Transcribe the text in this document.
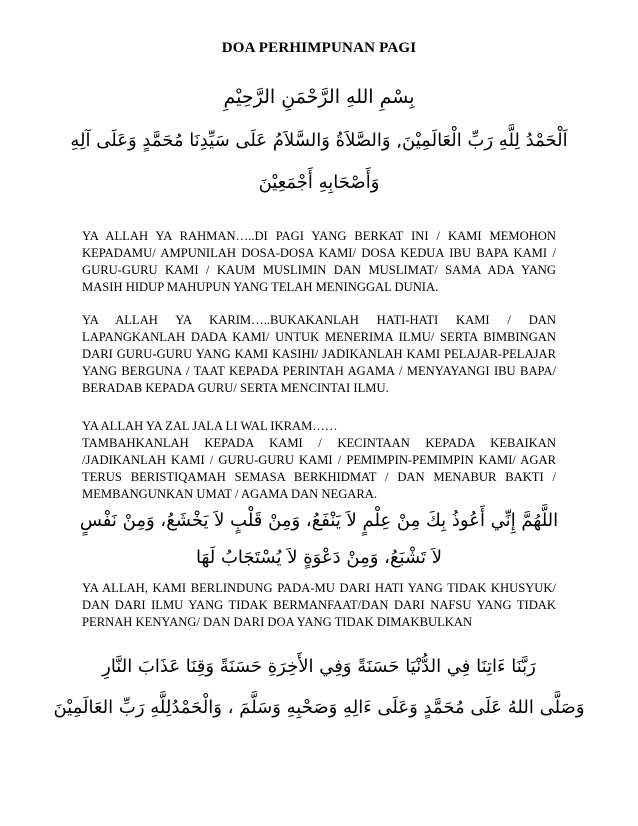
DOA PERHIMPUNAN PAGI
بِسْمِ اللهِ الرَّحْمَنِ الرَّحِيْمِ
اَلْحَمْدُ لِلَّهِ رَبِّ الْعَالَمِيْنَ, وَالصَّلاَةُ وَالسَّلاَمُ عَلَى سَيِّدِنَا مُحَمَّدٍ وَعَلَى آلِهِ
وَأَصْحَابِهِ أَجْمَعِيْنَ

YA ALLAH YA RAHMAN…..DI PAGI YANG BERKAT INI / KAMI MEMOHON KEPADAMU/ AMPUNILAH DOSA-DOSA KAMI/ DOSA KEDUA IBU BAPA KAMI / GURU-GURU KAMI / KAUM MUSLIMIN DAN MUSLIMAT/ SAMA ADA YANG MASIH HIDUP MAHUPUN YANG TELAH MENINGGAL DUNIA.

YA ALLAH YA KARIM…..BUKAKANLAH HATI-HATI KAMI / DAN LAPANGKANLAH DADA KAMI/ UNTUK MENERIMA ILMU/ SERTA BIMBINGAN DARI GURU-GURU YANG KAMI KASIHI/ JADIKANLAH KAMI PELAJAR-PELAJAR YANG BERGUNA / TAAT KEPADA PERINTAH AGAMA / MENYAYANGI IBU BAPA/ BERADAB KEPADA GURU/ SERTA MENCINTAI ILMU.

YA ALLAH YA ZAL JALA LI WAL IKRAM……

TAMBAHKANLAH KEPADA KAMI / KECINTAAN KEPADA KEBAIKAN /JADIKANLAH KAMI / GURU-GURU KAMI / PEMIMPIN-PEMIMPIN KAMI/ AGAR TERUS BERISTIQAMAH SEMASA BERKHIDMAT / DAN MENABUR BAKTI / MEMBANGUNKAN UMAT / AGAMA DAN NEGARA.

اللَّهُمَّ إِنِّي أَعُوذُ بِكَ مِنْ عِلْمٍ لاَ يَنْفَعُ، وَمِنْ قَلْبٍ لاَ يَخْشَعُ، وَمِنْ نَفْسٍ
لاَ تَشْبَعُ، وَمِنْ دَعْوَةٍ لاَ يُسْتَجَابُ لَهَا

YA ALLAH, KAMI BERLINDUNG PADA-MU DARI HATI YANG TIDAK KHUSYUK/ DAN DARI ILMU YANG TIDAK BERMANFAAT/DAN DARI NAFSU YANG TIDAK PERNAH KENYANG/ DAN DARI DOA YANG TIDAK DIMAKBULKAN

رَبَّنَا ءَاتِنَا فِي الدُّنْيَا حَسَنَةً وَفِي الأَخِرَةِ حَسَنَةً وَقِنَا عَذَابَ النَّارِ
وَصَلَّى اللهُ عَلَى مُحَمَّدٍ وَعَلَى ءَالِهِ وَصَحْبِهِ وَسَلَّمَ ، وَالْحَمْدُلِلَّهِ رَبِّ العَالَمِيْنَ
